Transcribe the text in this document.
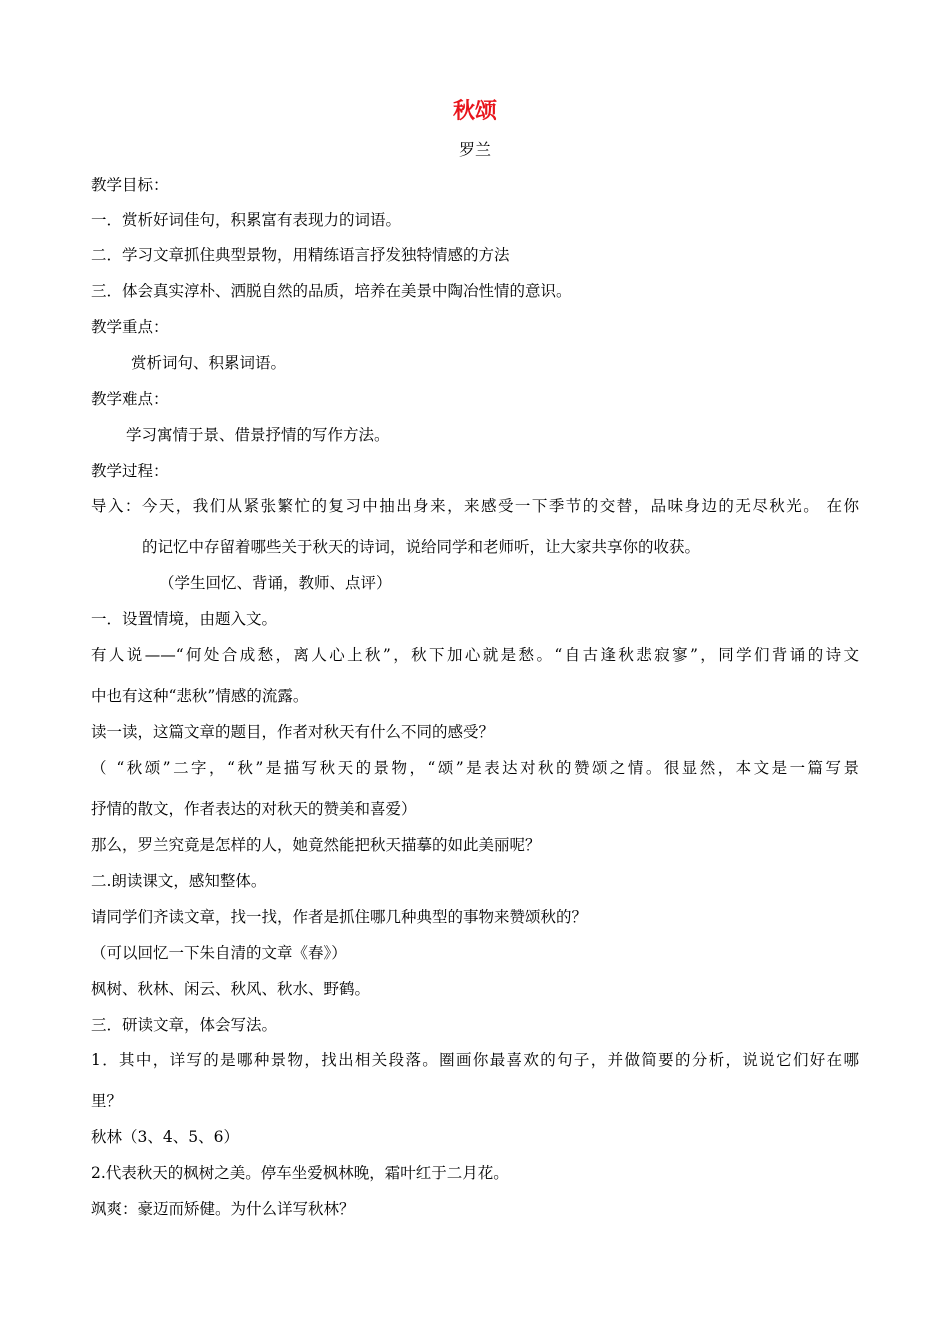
秋颂
罗兰
教学目标：
一．赏析好词佳句，积累富有表现力的词语。
二．学习文章抓住典型景物，用精练语言抒发独特情感的方法
三．体会真实淳朴、洒脱自然的品质，培养在美景中陶冶性情的意识。
教学重点：
赏析词句、积累词语。
教学难点：
学习寓情于景、借景抒情的写作方法。
教学过程：
导入：今天，我们从紧张繁忙的复习中抽出身来，来感受一下季节的交替，品味身边的无尽秋光。 在你
的记忆中存留着哪些关于秋天的诗词，说给同学和老师听，让大家共享你的收获。
（学生回忆、背诵，教师、点评）
一．设置情境，由题入文。
有人说——“何处合成愁，离人心上秋”，秋下加心就是愁。“自古逢秋悲寂寥”，同学们背诵的诗文
中也有这种“悲秋”情感的流露。
读一读，这篇文章的题目，作者对秋天有什么不同的感受？
（ “秋颂”二字，“秋”是描写秋天的景物，“颂”是表达对秋的赞颂之情。很显然，本文是一篇写景
抒情的散文，作者表达的对秋天的赞美和喜爱）
那么，罗兰究竟是怎样的人，她竟然能把秋天描摹的如此美丽呢？
二.朗读课文，感知整体。
请同学们齐读文章，找一找，作者是抓住哪几种典型的事物来赞颂秋的？
（可以回忆一下朱自清的文章《春》）
枫树、秋林、闲云、秋风、秋水、野鹤。
三．研读文章，体会写法。
1．其中，详写的是哪种景物，找出相关段落。圈画你最喜欢的句子，并做简要的分析，说说它们好在哪
里？
秋林（3、4、5、6）
2.代表秋天的枫树之美。停车坐爱枫林晚，霜叶红于二月花。
飒爽：豪迈而矫健。为什么详写秋林？
